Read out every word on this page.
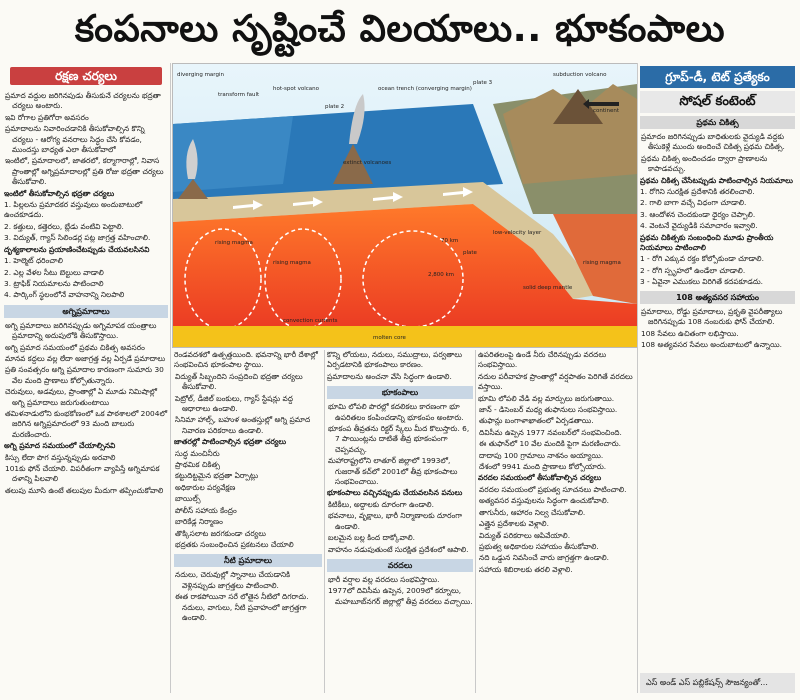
కంపనాలు సృష్టించే విలయాలు.. భూకంపాలు
రక్షణ చర్యలు

ప్రమాద వద్దుల జరిగినపుడు తీసుకునే చర్యలను భద్రతా చర్యలు అంటారు.

ఇవి రోగాల ప్రతిగోరా అవసరం

ప్రమాదాలను నివారించడానికి తీసుకోవాల్సిన కొన్ని చర్యలు - ఆరోగ్య వనరాలు సిద్ధం చేసి కోవడం, ముందస్తు బాధ్యత ఎలా తీసుకోవాలో

ఇంటిలో, ప్రమాదాలలో, జాతరలో, కర్మాగారాల్లో, నివాస ప్రాంతాల్లో అగ్నిప్రమాదాలల్లో ప్రతి రోజు భద్రతా చర్యలు తీసుకోవాలి.

ఇంటిలో తీసుకోవాల్సిన భద్రతా చర్యలు

1. పిల్లలను ప్రమాదకర వస్తువులు అందుబాటులో ఉంచకూడదు.

2. కత్తులు, కత్తెరలు, బ్లేడు వంటివి పెట్టాలి.

3. విద్యుత్, గ్యాస్ సిలిండర్ల పట్ల జాగ్రత్త వహించాలి.

దృశ్యకాలాలను ప్రయాణించేటప్పుడు చేయవలసినవి

1. హెల్మెట్ ధరించాలి

2. ఎల్ల వేళల సీటు బెల్టులు వాడాలి

3. ట్రాఫిక్ నియమాలను పాటించాలి

4. పార్కింగ్ స్థలంలోనే వాహనాన్ని నిలపాలి

అగ్నిప్రమాదాలు

అగ్ని ప్రమాదాలు జరిగినప్పుడు అగ్నిమాపక యంత్రాలు ప్రమాదాన్ని అదుపులోకి తీసుకొస్తాయి.

అగ్ని ప్రమాద సమయంలో ప్రథమ చికిత్స అవసరం

మానవ కద్దలు వల్ల లేదా అజాగ్రత్త వల్ల ఏర్పడే ప్రమాదాలు

ప్రతి సంవత్సరం అగ్ని ప్రమాదాల కారణంగా సుమారు 30 వేల మంది ప్రాణాలు కోల్పోతున్నారు.

చెరువులు, అడవులు, ప్రాంతాల్లో ఏ మూడు నిమిషాల్లో అగ్ని ప్రమాదాలు జరుగుతుంటాయి

తమిళనాడులోని కుంభకోణంలో ఒక పాఠశాలలో 2004లో జరిగిన అగ్నిప్రమాదంలో 93 మంది బాలురు మరణించారు.

అగ్ని ప్రమాద సమయంలో చేయాల్సినవి

కిస్సు లేదా పొగ వస్తున్నప్పుడు అరవాలి

101కు ఫోన్ చేయాలి. విపరీతంగా వ్యాపిస్తే అగ్నిమాపక దళాన్ని పిలవాలి

తలుపు మూసి ఉంటే తలుపుల మీదుగా తప్పించుకోవాలి

diverging margin
transform fault
hot-spot volcano
plate 2
ocean trench (converging margin)
plate 3
subduction volcano
continent
extinct volcanoes
low-velocity layer
70 km
plate
2,800 km
rising magma
rising magma	rising magma
solid deep mantle
convection currents
molten core

రెండవదశలో ఉత్పత్తయింది. భవనాన్ని భారీ దేశాల్లో సంభవించిన భూకంపాల స్థాయి.

విద్యుత్ సిబ్బందిని సంప్రదించి భద్రతా చర్యలు తీసుకోవాలి.

పెట్రోల్, డీజిల్ బంకులు, గ్యాస్ స్టేషన్లు వద్ద ఆధారాలు ఉండాలి.

సినిమా హాల్స్, బహుళ అంతస్తుల్లో అగ్ని ప్రమాద నివారణ పరికరాలు ఉండాలి.

జాతరల్లో పాటించాల్సిన భద్రతా చర్యలు

సుద్ధ మంచినీరు

ప్రాథమిక చికిత్స

కట్టుదిట్టమైన భద్రతా ఏర్పాట్లు

అధికారుల పర్యవేక్షణ

బాయిల్స్

పోలీస్ సహాయ కేంద్రం

బారికేడ్ల నిర్మాణం

తొక్కిసలాట జరగకుండా చర్యలు

భద్రతకు సంబంధించిన ప్రకటనలు చేయాలి

నీటి ప్రమాదాలు

నదులు, చెరువుల్లో స్నానాలు చేయడానికి వెళ్లినప్పుడు జాగ్రత్తలు పాటించాలి.

ఈత రాకపోయినా సరే లోతైన నీటిలో దిగరాదు. నదులు, వాగులు, నీటి ప్రవాహంలో జాగ్రత్తగా ఉండాలి.

కొన్ని లోయలు, నదులు, సముద్రాలు, పర్వతాలు ఏర్పడటానికి భూకంపాలు కారణం.

ప్రమాదాలను అంచనా వేసి సిద్ధంగా ఉండాలి.

భూకంపాలు

భూమి లోపలి పొరల్లో కదలికలు కారణంగా భూ ఉపరితలం కంపించడాన్ని భూకంపం అంటారు.

భూకంప తీవ్రతను రిక్టర్ స్కేలు మీద కొలుస్తారు. 6, 7 పాయింట్లను దాటితే తీవ్ర భూకంపంగా చెప్పవచ్చు.

మహారాష్ట్రలోని లాతూర్ జిల్లాలో 1993లో, గుజరాత్ కచ్‌లో 2001లో తీవ్ర భూకంపాలు సంభవించాయి.

భూకంపాలు వచ్చినప్పుడు చేయవలసిన పనులు

కిటికీలు, అద్దాలకు దూరంగా ఉండాలి.

భవనాలు, వృక్షాలు, భారీ నిర్మాణాలకు దూరంగా ఉండాలి.

బలమైన బల్ల కింద దాక్కోవాలి.

వాహనం నడుపుతుంటే సురక్షిత ప్రదేశంలో ఆపాలి.

వరదలు

భారీ వర్షాల వల్ల వరదలు సంభవిస్తాయి.

1977లో దివిసీమ ఉప్పెన, 2009లో కర్నూలు, మహబూబ్‌నగర్ జిల్లాల్లో తీవ్ర వరదలు వచ్చాయి.

ఉపరితలంపై ఉండే నీరు చేరినప్పుడు వరదలు సంభవిస్తాయి.

నదుల పరీవాహక ప్రాంతాల్లో వర్షపాతం పెరిగితే వరదలు వస్తాయి.

భూమి లోపలి వేడి వల్ల మార్పులు జరుగుతాయి.

జాన్ - డిసెంబర్ మధ్య తుఫానులు సంభవిస్తాయి.

తుఫాన్లు బంగాళాఖాతంలో ఏర్పడతాయి.

దివిసీమ ఉప్పెన 1977 నవంబర్‌లో సంభవించింది.

ఈ తుఫాన్‌లో 10 వేల మందికి పైగా మరణించారు.

దాదాపు 100 గ్రామాలు నాశనం అయ్యాయి.

దేశంలో 9941 మంది ప్రాణాలు కోల్పోయారు.

వరదల సమయంలో తీసుకోవాల్సిన చర్యలు

వరదల సమయంలో ప్రభుత్వ సూచనలు పాటించాలి.

అత్యవసర వస్తువులను సిద్ధంగా ఉంచుకోవాలి.

తాగునీరు, ఆహారం నిల్వ చేసుకోవాలి.

ఎత్తైన ప్రదేశాలకు వెళ్లాలి.

విద్యుత్ పరికరాలు ఆపివేయాలి.

ప్రభుత్వ అధికారుల సహాయం తీసుకోవాలి.

నది ఒడ్డున నివసించే వారు జాగ్రత్తగా ఉండాలి.

సహాయ శిబిరాలకు తరలి వెళ్లాలి.

గ్రూప్-డీ, టెట్ ప్రత్యేకం
సోషల్ కంటెంట్
ప్రథమ చికిత్స

ప్రమాదం జరిగినప్పుడు బాధితులకు వైద్యుడి వద్దకు తీసుకెళ్లే ముందు అందించే చికిత్స ప్రథమ చికిత్స.

ప్రథమ చికిత్స అందించడం ద్వారా ప్రాణాలను కాపాడవచ్చు.

ప్రథమ చికిత్స చేసేటప్పుడు పాటించాల్సిన నియమాలు

1. రోగిని సురక్షిత ప్రదేశానికి తరలించాలి.

2. గాలి బాగా వచ్చే విధంగా చూడాలి.

3. ఆందోళన చెందకుండా ధైర్యం చెప్పాలి.

4. వెంటనే వైద్యుడికి సమాచారం ఇవ్వాలి.

ప్రథమ చికిత్సకు సంబంధించి మూడు ప్రాంతీయ నియమాలు పాటించాలి

1 - రోగి ఎక్కువ రక్తం కోల్పోకుండా చూడాలి.

2 - రోగి స్పృహలో ఉండేలా చూడాలి.

3 - ఏవైనా ఎముకలు విరిగితే కదపకూడదు.

108 అత్యవసర సహాయం

ప్రమాదాలు, రోడ్డు ప్రమాదాలు, ప్రకృతి వైపరీత్యాలు జరిగినప్పుడు 108 నంబరుకు ఫోన్ చేయాలి.

108 సేవలు ఉచితంగా లభిస్తాయి.

108 అత్యవసర సేవలు అందుబాటులో ఉన్నాయి.

ఎస్ అండ్ ఎస్ పబ్లికేషన్స్ సౌజన్యంతో...
